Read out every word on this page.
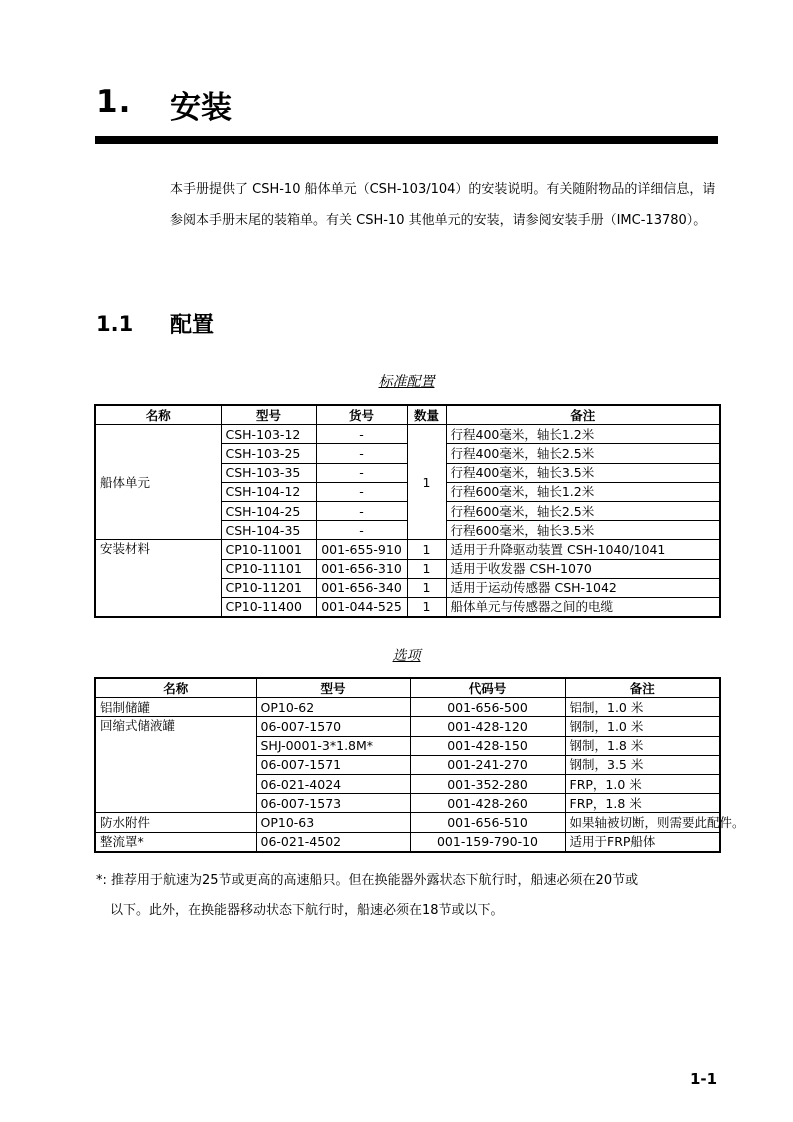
1. 安装

本手册提供了 CSH-10 船体单元（CSH-103/104）的安装说明。有关随附物品的详细信息，请参阅本手册末尾的装箱单。有关 CSH-10 其他单元的安装，请参阅安装手册（IMC-13780）。

1.1 配置
标准配置
名称	型号	货号	数量	备注
船体单元	CSH-103-12	-	1	行程400毫米，轴长1.2米
	CSH-103-25	-		行程400毫米，轴长2.5米
	CSH-103-35	-		行程400毫米，轴长3.5米
	CSH-104-12	-		行程600毫米，轴长1.2米
	CSH-104-25	-		行程600毫米，轴长2.5米
	CSH-104-35	-		行程600毫米，轴长3.5米
安装材料	CP10-11001	001-655-910	1	适用于升降驱动装置 CSH-1040/1041
	CP10-11101	001-656-310	1	适用于收发器 CSH-1070
	CP10-11201	001-656-340	1	适用于运动传感器 CSH-1042
	CP10-11400	001-044-525	1	船体单元与传感器之间的电缆
选项
名称	型号	代码号	备注
铝制储罐	OP10-62	001-656-500	铝制，1.0 米
回缩式储液罐	06-007-1570	001-428-120	钢制，1.0 米
	SHJ-0001-3*1.8M*	001-428-150	钢制，1.8 米
	06-007-1571	001-241-270	钢制，3.5 米
	06-021-4024	001-352-280	FRP，1.0 米
	06-007-1573	001-428-260	FRP，1.8 米
防水附件	OP10-63	001-656-510	如果轴被切断，则需要此配件。
整流罩*	06-021-4502	001-159-790-10	适用于FRP船体
*: 推荐用于航速为25节或更高的高速船只。但在换能器外露状态下航行时，船速必须在20节或
以下。此外，在换能器移动状态下航行时，船速必须在18节或以下。
1-1
